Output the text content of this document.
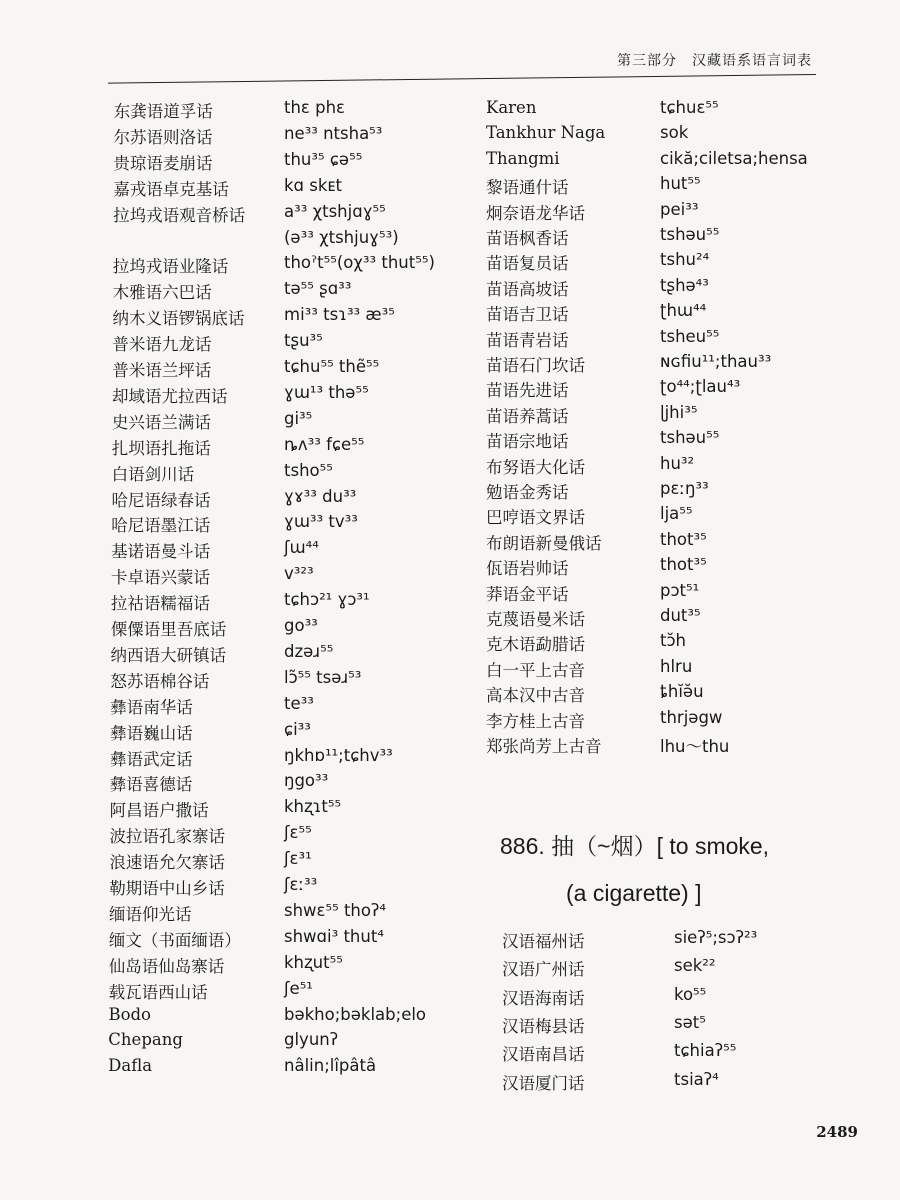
第三部分　汉藏语系语言词表
东龚语道孚话	thɛ phɛ
尔苏语则洛话	ne³³ ntsha⁵³
贵琼语麦崩话	thu³⁵ ɕə⁵⁵
嘉戎语卓克基话	kɑ skᴇt
拉坞戎语观音桥话 a³³ χtshjɑɣ⁵⁵
(ə³³ χtshjuɣ⁵³)
拉坞戎语业隆话	thoˀt⁵⁵(oχ³³ thut⁵⁵)
木雅语六巴话	tə⁵⁵ ʂɑ³³
纳木义语锣锅底话 mi³³ tsɿ³³ æ³⁵
普米语九龙话	tʂu³⁵
普米语兰坪话	tɕhu⁵⁵ thẽ⁵⁵
却域语尤拉西话	ɣɯ¹³ thə⁵⁵
史兴语兰满话	gi³⁵
扎坝语扎拖话	ȵʌ³³ fɕe⁵⁵
白语剑川话	tsho⁵⁵
哈尼语绿春话	ɣɤ³³ du³³
哈尼语墨江话	ɣɯ³³ tv³³
基诺语曼斗话	ʃɯ⁴⁴
卡卓语兴蒙话	v³²³
拉祜语糯福话	tɕhɔ²¹ ɣɔ³¹
傈僳语里吾底话	go³³
纳西语大研镇话	dzəɹ⁵⁵
怒苏语棉谷话	lɔ̃⁵⁵ tsəɹ⁵³
彝语南华话	te³³
彝语巍山话	ɕi³³
彝语武定话	ŋkhɒ¹¹;tɕhv³³
彝语喜德话	ŋgo³³
阿昌语户撒话	khʐɿt⁵⁵
波拉语孔家寨话	ʃɛ⁵⁵
浪速语允欠寨话	ʃɛ³¹
勒期语中山乡话	ʃɛː³³
缅语仰光话	shwɛ⁵⁵ thoʔ⁴
缅文（书面缅语）	shwɑi³ thut⁴
仙岛语仙岛寨话	khʐut⁵⁵
载瓦语西山话	ʃe⁵¹
Bodo	bəkho;bəklab;elo
Chepang	glyunʔ
Dafla	nâlin;lîpâtâ
Karen	tɕhuɛ⁵⁵
Tankhur Naga	sok
Thangmi	cikă;ciletsa;hensa
黎语通什话	hut⁵⁵
炯奈语龙华话	pei³³
苗语枫香话	tshəu⁵⁵
苗语复员话	tshu²⁴
苗语高坡话	tʂhə⁴³
苗语吉卫话	ʈhɯ⁴⁴
苗语青岩话	tsheu⁵⁵
苗语石门坎话	ɴɢfiu¹¹;thau³³
苗语先进话	ʈo⁴⁴;ʈlau⁴³
苗语养蒿话	ɭjhi³⁵
苗语宗地话	tshəu⁵⁵
布努语大化话	hu³²
勉语金秀话	pɛːŋ³³
巴哼语文界话	lja⁵⁵
布朗语新曼俄话	thot³⁵
佤语岩帅话	thot³⁵
莽语金平话	pɔt⁵¹
克蔑语曼米话	dut³⁵
克木语勐腊话	tɔ̆h
白一平上古音	hlru
高本汉中古音	ȶhĭə̆u
李方桂上古音	thrjəgw
郑张尚芳上古音	lhu～thu
886. 抽（~烟）[ to smoke,
(a cigarette) ]
汉语福州话	sieʔ⁵;sɔʔ²³
汉语广州话	sek²²
汉语海南话	ko⁵⁵
汉语梅县话	sət⁵
汉语南昌话	tɕhiaʔ⁵⁵
汉语厦门话	tsiaʔ⁴
2489
